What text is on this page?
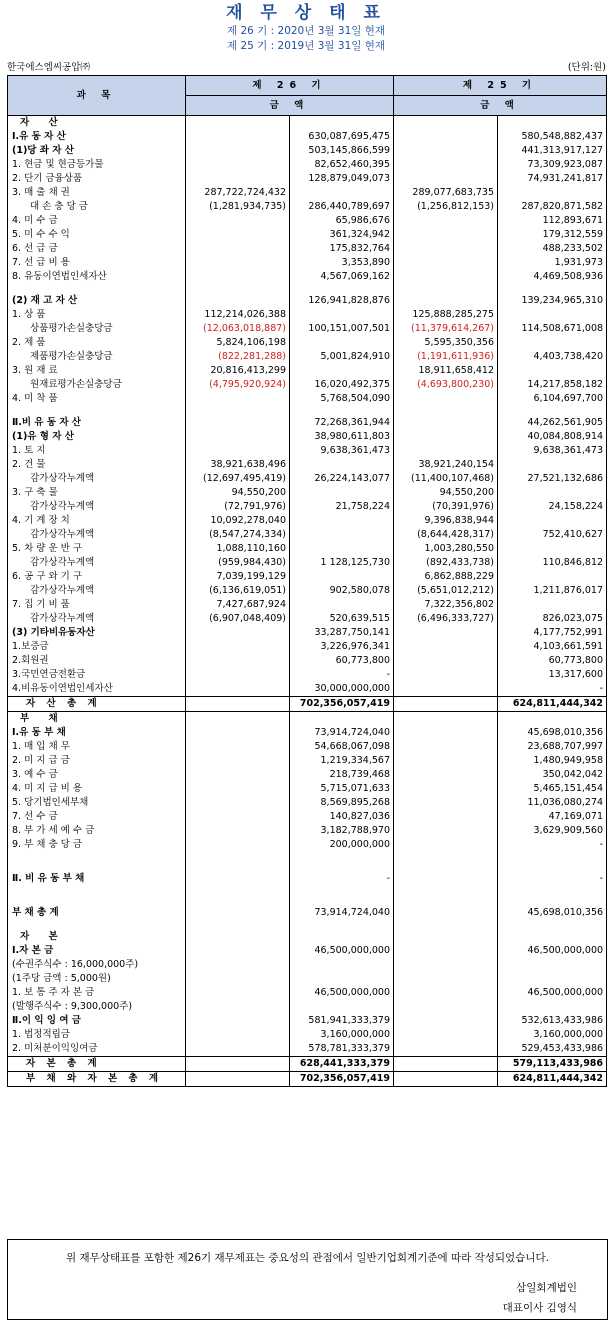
재 무 상 태 표
제 26 기 : 2020년 3월 31일 현재
제 25 기 : 2019년 3월 31일 현재
한국에스엠씨공압㈜	(단위:원)
과 목	제 26 기		제 25 기	
	금 액		금 액	
자 산				
Ⅰ.유 동 자 산		630,087,695,475		580,548,882,437
(1)당 좌 자 산		503,145,866,599		441,313,917,127
1. 현금 및 현금등가물		82,652,460,395		73,309,923,087
2. 단기 금융상품		128,879,049,073		74,931,241,817
3. 매 출 채 권	287,722,724,432		289,077,683,735	
대 손 충 당 금	(1,281,934,735)	286,440,789,697	(1,256,812,153)	287,820,871,582
4. 미 수 금		65,986,676		112,893,671
5. 미 수 수 익		361,324,942		179,312,559
6. 선 급 금		175,832,764		488,233,502
7. 선 급 비 용		3,353,890		1,931,973
8. 유동이연법인세자산		4,567,069,162		4,469,508,936

(2) 재 고 자 산		126,941,828,876		139,234,965,310
1. 상 품	112,214,026,388		125,888,285,275	
상품평가손실충당금	(12,063,018,887)	100,151,007,501	(11,379,614,267)	114,508,671,008
2. 제 품	5,824,106,198		5,595,350,356	
제품평가손실충당금	(822,281,288)	5,001,824,910	(1,191,611,936)	4,403,738,420
3. 원 재 료	20,816,413,299		18,911,658,412	
원재료평가손실충당금	(4,795,920,924)	16,020,492,375	(4,693,800,230)	14,217,858,182
4. 미 착 품		5,768,504,090		6,104,697,700

Ⅱ.비 유 동 자 산		72,268,361,944		44,262,561,905
(1)유 형 자 산		38,980,611,803		40,084,808,914
1. 토 지		9,638,361,473		9,638,361,473
2. 건 물	38,921,638,496		38,921,240,154	
감가상각누계액	(12,697,495,419)	26,224,143,077	(11,400,107,468)	27,521,132,686
3. 구 축 물	94,550,200		94,550,200	
감가상각누계액	(72,791,976)	21,758,224	(70,391,976)	24,158,224
4. 기 계 장 치	10,092,278,040		9,396,838,944	
감가상각누계액	(8,547,274,334)		(8,644,428,317)	752,410,627
5. 차 량 운 반 구	1,088,110,160		1,003,280,550	
감가상각누계액	(959,984,430)	1 128,125,730	(892,433,738)	110,846,812
6. 공 구 와 기 구	7,039,199,129		6,862,888,229	
감가상각누계액	(6,136,619,051)	902,580,078	(5,651,012,212)	1,211,876,017
7. 집 기 비 품	7,427,687,924		7,322,356,802	
감가상각누계액	(6,907,048,409)	520,639,515	(6,496,333,727)	826,023,075
(3) 기타비유동자산		33,287,750,141		4,177,752,991
1.보증금		3,226,976,341		4,103,661,591
2.회원권		60,773,800		60,773,800
3.국민연금전환금		-		13,317,600
4.비유동이연법인세자산		30,000,000,000		-
자 산 총 계		702,356,057,419		624,811,444,342
부 채				
Ⅰ.유 동 부 채		73,914,724,040		45,698,010,356
1. 매 입 채 무		54,668,067,098		23,688,707,997
2. 미 지 급 금		1,219,334,567		1,480,949,958
3. 예 수 금		218,739,468		350,042,042
4. 미 지 급 비 용		5,715,071,633		5,465,151,454
5. 당기법인세부채		8,569,895,268		11,036,080,274
7. 선 수 금		140,827,036		47,169,071
8. 부 가 세 예 수 금		3,182,788,970		3,629,909,560
9. 부 채 충 당 금		200,000,000		-

Ⅱ. 비 유 동 부 채		-		-

부 채 총 계		73,914,724,040		45,698,010,356

자 본				
Ⅰ.자 본 금		46,500,000,000		46,500,000,000
(수권주식수 : 16,000,000주)				
(1주당 금액 : 5,000원)				
1. 보 통 주 자 본 금		46,500,000,000		46,500,000,000
(발행주식수 : 9,300,000주)				
Ⅱ.이 익 잉 여 금		581,941,333,379		532,613,433,986
1. 법정적립금		3,160,000,000		3,160,000,000
2. 미처분이익잉여금		578,781,333,379		529,453,433,986
자 본 총 계		628,441,333,379		579,113,433,986
부 채 와 자 본 총 계		702,356,057,419		624,811,444,342
위 재무상태표를 포함한 제26기 재무제표는 중요성의 관점에서 일반기업회계기준에 따라 작성되었습니다.
삼일회계법인
대표이사 김영식
